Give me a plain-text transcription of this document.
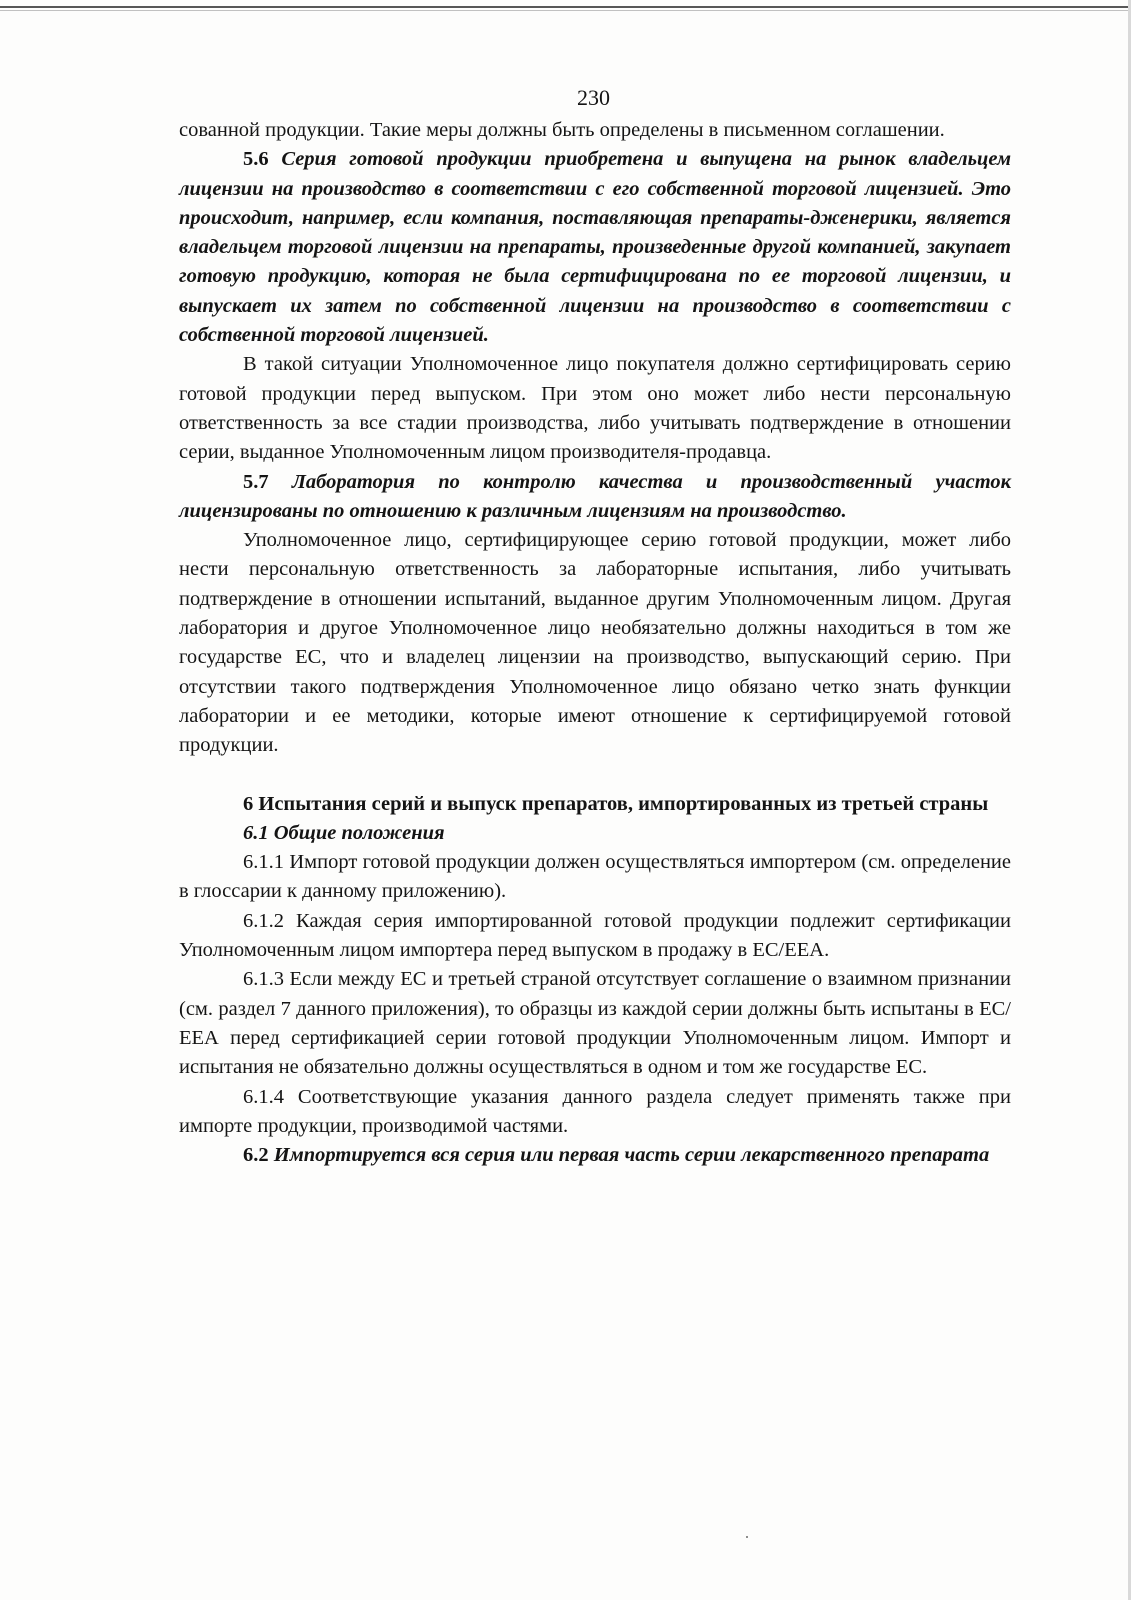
230

сованной продукции. Такие меры должны быть определены в письменном соглашении.

5.6 Серия готовой продукции приобретена и выпущена на рынок владельцем лицензии на производство в соответствии с его собственной торговой лицензией. Это происходит, например, если компания, поставляющая препараты-дженерики, является владельцем торговой лицензии на препараты, произведенные другой компанией, закупает готовую продукцию, которая не была сертифицирована по ее торговой лицензии, и выпускает их затем по собственной лицензии на производство в соответствии с собственной торговой лицензией.

В такой ситуации Уполномоченное лицо покупателя должно сертифицировать серию готовой продукции перед выпуском. При этом оно может либо нести персональную ответственность за все стадии производства, либо учитывать подтверждение в отношении серии, выданное Уполномоченным лицом производителя-продавца.

5.7 Лаборатория по контролю качества и производственный участок лицензированы по отношению к различным лицензиям на производство.

Уполномоченное лицо, сертифицирующее серию готовой продукции, может либо нести персональную ответственность за лабораторные испытания, либо учитывать подтверждение в отношении испытаний, выданное другим Уполномоченным лицом. Другая лаборатория и другое Уполномоченное лицо необязательно должны находиться в том же государстве ЕС, что и владелец лицензии на производство, выпускающий серию. При отсутствии такого подтверждения Уполномоченное лицо обязано четко знать функции лаборатории и ее методики, которые имеют отношение к сертифицируемой готовой продукции.

6 Испытания серий и выпуск препаратов, импортированных из третьей страны

6.1 Общие положения

6.1.1 Импорт готовой продукции должен осуществляться импортером (см. определение в глоссарии к данному приложению).

6.1.2 Каждая серия импортированной готовой продукции подлежит сертификации Уполномоченным лицом импортера перед выпуском в продажу в ЕС/ЕЕА.

6.1.3 Если между ЕС и третьей страной отсутствует соглашение о взаимном признании (см. раздел 7 данного приложения), то образцы из каждой серии должны быть испытаны в ЕС/ЕЕА перед сертификацией серии готовой продукции Уполномоченным лицом. Импорт и испытания не обязательно должны осуществляться в одном и том же государстве ЕС.

6.1.4 Соответствующие указания данного раздела следует применять также при импорте продукции, производимой частями.

6.2 Импортируется вся серия или первая часть серии лекарственного препарата
